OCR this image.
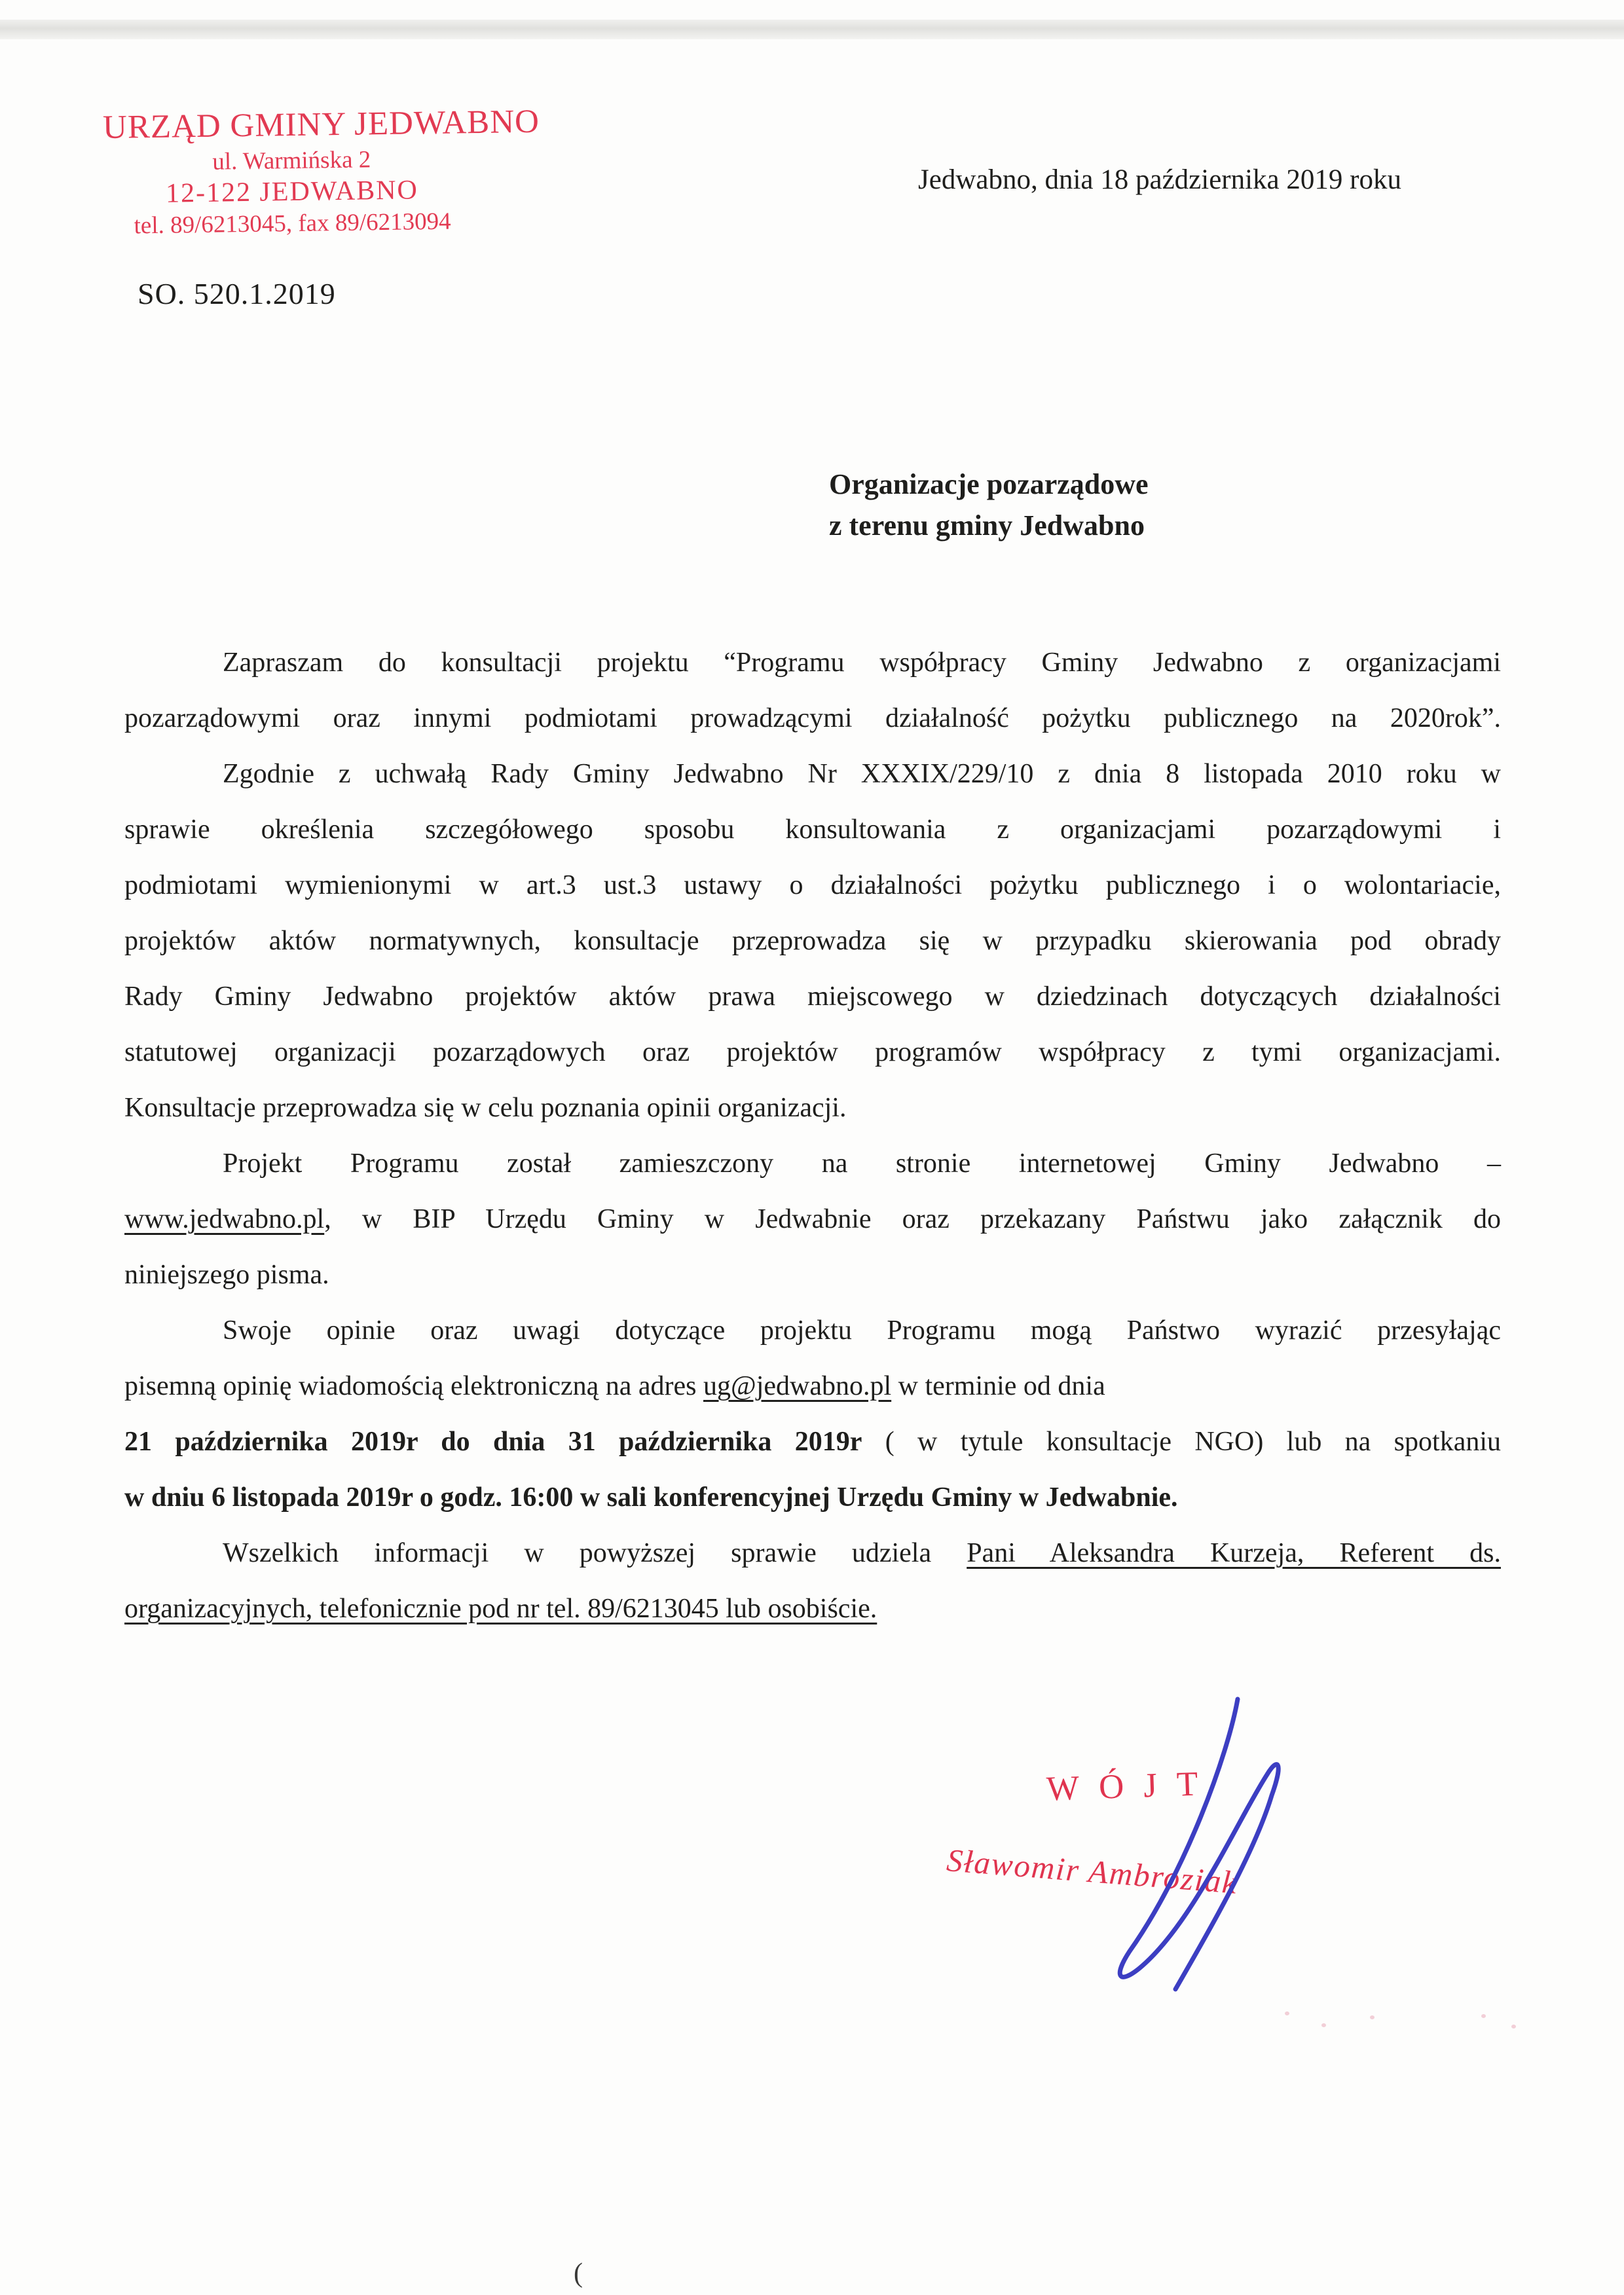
URZĄD GMINY JEDWABNO
ul. Warmińska 2
12-122 JEDWABNO
tel. 89/6213045, fax 89/6213094
Jedwabno, dnia 18 października 2019 roku
SO. 520.1.2019
Organizacje pozarządowe
z terenu gminy Jedwabno
Zapraszam do konsultacji projektu “Programu współpracy Gminy Jedwabno z organizacjami
pozarządowymi oraz innymi podmiotami prowadzącymi działalność pożytku publicznego na 2020rok”.
Zgodnie z uchwałą Rady Gminy Jedwabno Nr XXXIX/229/10 z dnia 8 listopada 2010 roku w
sprawie określenia szczegółowego sposobu konsultowania z organizacjami pozarządowymi i
podmiotami wymienionymi w art.3 ust.3 ustawy o działalności pożytku publicznego i o wolontariacie,
projektów aktów normatywnych, konsultacje przeprowadza się w przypadku skierowania pod obrady
Rady Gminy Jedwabno projektów aktów prawa miejscowego w dziedzinach dotyczących działalności
statutowej organizacji pozarządowych oraz projektów programów współpracy z tymi organizacjami.
Konsultacje przeprowadza się w celu poznania opinii organizacji.
Projekt Programu został zamieszczony na stronie internetowej Gminy Jedwabno –
www.jedwabno.pl, w BIP Urzędu Gminy w Jedwabnie oraz przekazany Państwu jako załącznik do
niniejszego pisma.
Swoje opinie oraz uwagi dotyczące projektu Programu mogą Państwo wyrazić przesyłając
pisemną opinię wiadomością elektroniczną na adres ug@jedwabno.pl w terminie od dnia
21 października 2019r do dnia 31 października 2019r ( w tytule konsultacje NGO) lub na spotkaniu
w dniu 6 listopada 2019r o godz. 16:00 w sali konferencyjnej Urzędu Gminy w Jedwabnie.
Wszelkich informacji w powyższej sprawie udziela Pani Aleksandra Kurzeja, Referent ds.
organizacyjnych, telefonicznie pod nr tel. 89/6213045 lub osobiście.
WÓJT
Sławomir Ambroziak
(
